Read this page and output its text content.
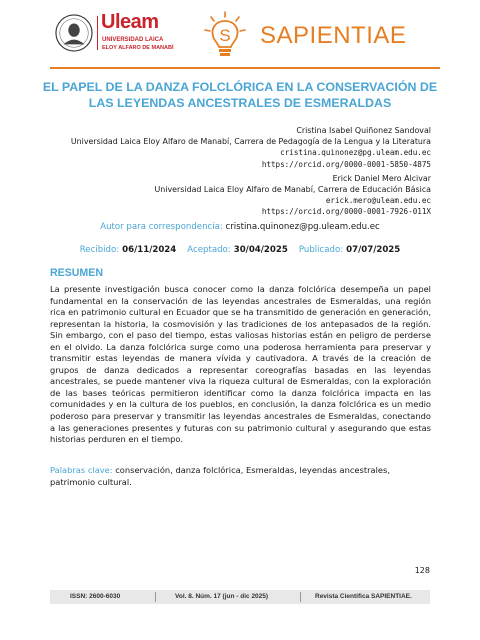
Uleam
UNIVERSIDAD LAICA
ELOY ALFARO DE MANABÍ
S SAPIENTIAE
EL PAPEL DE LA DANZA FOLCLÓRICA EN LA CONSERVACIÓN DE
LAS LEYENDAS ANCESTRALES DE ESMERALDAS
Cristina Isabel Quiñonez Sandoval
Universidad Laica Eloy Alfaro de Manabí, Carrera de Pedagogía de la Lengua y la Literatura
cristina.quinonez@pg.uleam.edu.ec
https://orcid.org/0000-0001-5850-4875
Erick Daniel Mero Alcivar
Universidad Laica Eloy Alfaro de Manabí, Carrera de Educación Básica
erick.mero@uleam.edu.ec
https://orcid.org/0000-0001-7926-011X
Autor para correspondencia: cristina.quinonez@pg.uleam.edu.ec
Recibido: 06/11/2024 Aceptado: 30/04/2025 Publicado: 07/07/2025
RESUMEN
La presente investigación busca conocer como la danza folclórica desempeña un papel fundamental en la conservación de las leyendas ancestrales de Esmeraldas, una región rica en patrimonio cultural en Ecuador que se ha transmitido de generación en generación, representan la historia, la cosmovisión y las tradiciones de los antepasados de la región. Sin embargo, con el paso del tiempo, estas valiosas historias están en peligro de perderse en el olvido. La danza folclórica surge como una poderosa herramienta para preservar y transmitir estas leyendas de manera vívida y cautivadora. A través de la creación de grupos de danza dedicados a representar coreografías basadas en las leyendas ancestrales, se puede mantener viva la riqueza cultural de Esmeraldas, con la exploración de las bases teóricas permitieron identificar como la danza folclórica impacta en las comunidades y en la cultura de los pueblos, en conclusión, la danza folclórica es un medio poderoso para preservar y transmitir las leyendas ancestrales de Esmeraldas, conectando a las generaciones presentes y futuras con su patrimonio cultural y asegurando que estas historias perduren en el tiempo.
Palabras clave: conservación, danza folclórica, Esmeraldas, leyendas ancestrales, patrimonio cultural.
128
ISSN: 2600-6030	Vol. 8. Núm. 17 (jun - dic 2025)	Revista Científica SAPIENTIAE.
